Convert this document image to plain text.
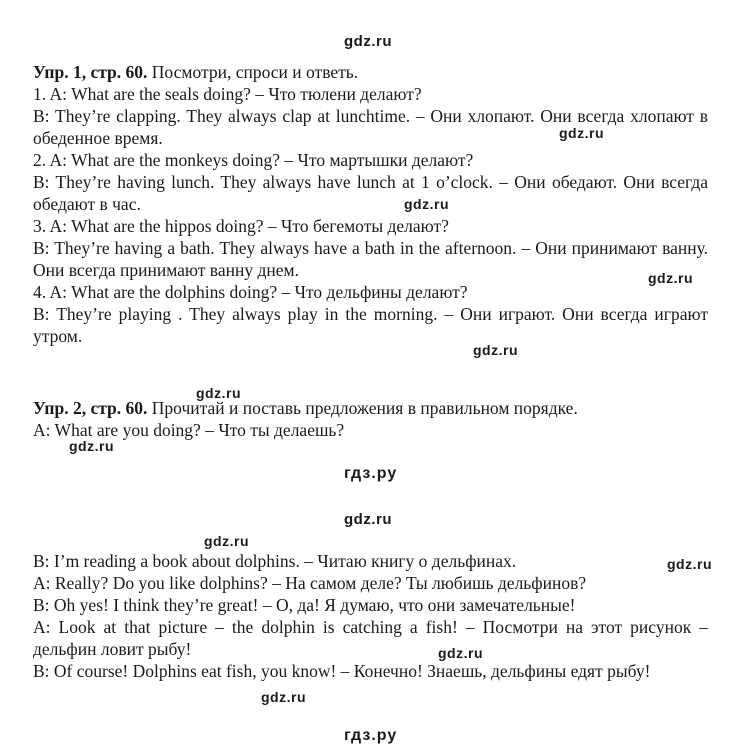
gdz.ru
gdz.ru
gdz.ru
gdz.ru
gdz.ru
gdz.ru
gdz.ru
гдз.ру
gdz.ru
gdz.ru
gdz.ru
gdz.ru
gdz.ru
гдз.ру

Упр. 1, стр. 60. Посмотри, спроси и ответь.

1. A: What are the seals doing? – Что тюлени делают?

B: They’re clapping. They always clap at lunchtime. – Они хлопают. Они всегда хлопают в обеденное время.

2. A: What are the monkeys doing? – Что мартышки делают?

B: They’re having lunch. They always have lunch at 1 o’clock. – Они обедают. Они всегда обедают в час.

3. A: What are the hippos doing? – Что бегемоты делают?

B: They’re having a bath. They always have a bath in the afternoon. – Они принимают ванну. Они всегда принимают ванну днем.

4. A: What are the dolphins doing? – Что дельфины делают?

B: They’re playing . They always play in the morning. – Они играют. Они всегда играют утром.

Упр. 2, стр. 60. Прочитай и поставь предложения в правильном порядке.

A: What are you doing? – Что ты делаешь?

B: I’m reading a book about dolphins. – Читаю книгу о дельфинах.

A: Really? Do you like dolphins? – На самом деле? Ты любишь дельфинов?

B: Oh yes! I think they’re great! – О, да! Я думаю, что они замечательные!

A: Look at that picture – the dolphin is catching a fish! – Посмотри на этот рисунок – дельфин ловит рыбу!

B: Of course! Dolphins eat fish, you know! – Конечно! Знаешь, дельфины едят рыбу!
